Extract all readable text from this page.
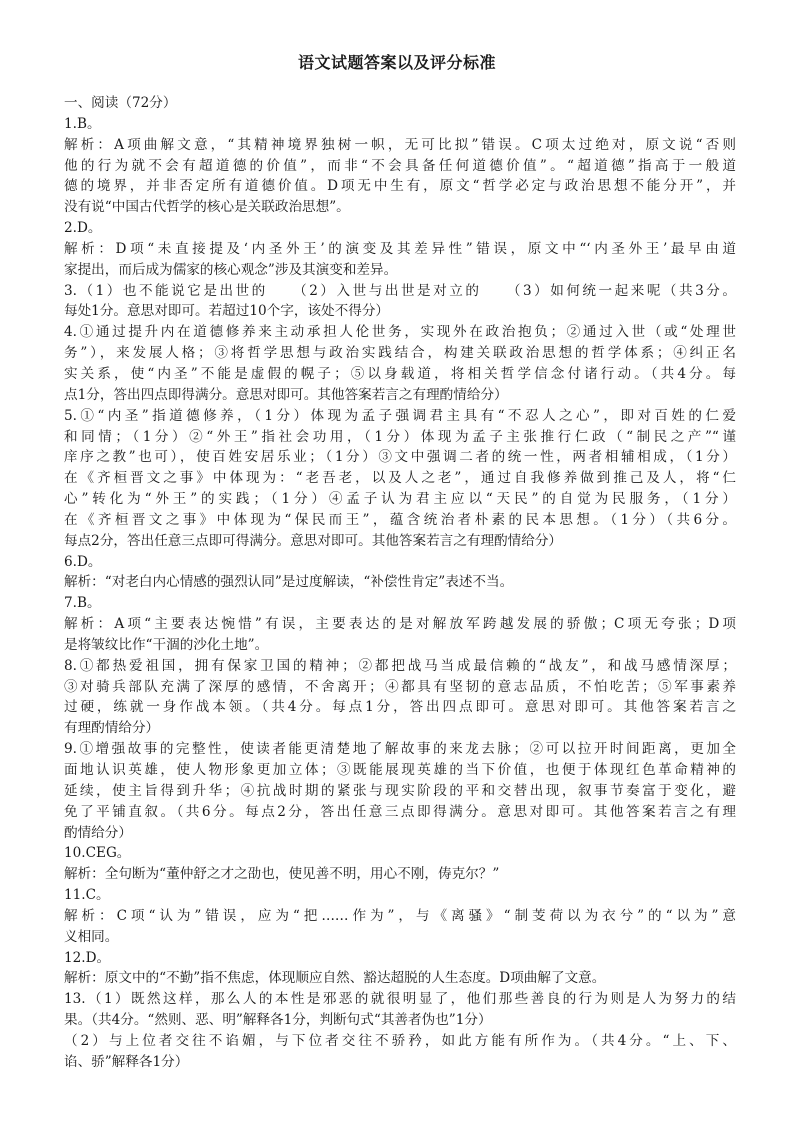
语文试题答案以及评分标准
一、阅读（72分）
1.B。
解析：A项曲解文意，“其精神境界独树一帜，无可比拟”错误。C项太过绝对，原文说“否则
他的行为就不会有超道德的价值”，而非“不会具备任何道德价值”。“超道德”指高于一般道
德的境界，并非否定所有道德价值。D项无中生有，原文“哲学必定与政治思想不能分开”，并
没有说“中国古代哲学的核心是关联政治思想”。
2.D。
解析：D项“未直接提及‘内圣外王’的演变及其差异性”错误，原文中“‘内圣外王’最早由道
家提出，而后成为儒家的核心观念”涉及其演变和差异。
3.（1）也不能说它是出世的　　（2）入世与出世是对立的　　（3）如何统一起来呢（共3分。
每处1分。意思对即可。若超过10个字，该处不得分）
4.①通过提升内在道德修养来主动承担人伦世务，实现外在政治抱负；②通过入世（或“处理世
务”），来发展人格；③将哲学思想与政治实践结合，构建关联政治思想的哲学体系；④纠正名
实关系，使“内圣”不能是虚假的幌子；⑤以身载道，将相关哲学信念付诸行动。（共4分。每
点1分，答出四点即得满分。意思对即可。其他答案若言之有理酌情给分）
5.①“内圣”指道德修养，（1分）体现为孟子强调君主具有“不忍人之心”，即对百姓的仁爱
和同情；（1分）②“外王”指社会功用，（1分）体现为孟子主张推行仁政（“制民之产”“谨
庠序之教”也可），使百姓安居乐业；（1分）③文中强调二者的统一性，两者相辅相成，（1分）
在《齐桓晋文之事》中体现为：“老吾老，以及人之老”，通过自我修养做到推己及人，将“仁
心”转化为“外王”的实践；（1分）④孟子认为君主应以“天民”的自觉为民服务，（1分）
在《齐桓晋文之事》中体现为“保民而王”，蕴含统治者朴素的民本思想。（1分）（共6分。
每点2分，答出任意三点即可得满分。意思对即可。其他答案若言之有理酌情给分）
6.D。
解析：“对老白内心情感的强烈认同”是过度解读，“补偿性肯定”表述不当。
7.B。
解析：A项“主要表达惋惜”有误，主要表达的是对解放军跨越发展的骄傲；C项无夸张；D项
是将皱纹比作“干涸的沙化土地”。
8.①都热爱祖国，拥有保家卫国的精神；②都把战马当成最信赖的“战友”，和战马感情深厚；
③对骑兵部队充满了深厚的感情，不舍离开；④都具有坚韧的意志品质，不怕吃苦；⑤军事素养
过硬，练就一身作战本领。（共4分。每点1分，答出四点即可。意思对即可。其他答案若言之
有理酌情给分）
9.①增强故事的完整性，使读者能更清楚地了解故事的来龙去脉；②可以拉开时间距离，更加全
面地认识英雄，使人物形象更加立体；③既能展现英雄的当下价值，也便于体现红色革命精神的
延续，使主旨得到升华；④抗战时期的紧张与现实阶段的平和交替出现，叙事节奏富于变化，避
免了平铺直叙。（共6分。每点2分，答出任意三点即得满分。意思对即可。其他答案若言之有理
酌情给分）
10.CEG。
解析：全句断为“董仲舒之才之劭也，使见善不明，用心不刚，俦克尔？”
11.C。
解析：C项“认为”错误，应为“把……作为”，与《离骚》“制芰荷以为衣兮”的“以为”意
义相同。
12.D。
解析：原文中的“不勤”指不焦虑，体现顺应自然、豁达超脱的人生态度。D项曲解了文意。
13.（1）既然这样，那么人的本性是邪恶的就很明显了，他们那些善良的行为则是人为努力的结
果。（共4分。“然则、恶、明”解释各1分，判断句式“其善者伪也”1分）
（2）与上位者交往不谄媚，与下位者交往不骄矜，如此方能有所作为。（共4分。“上、下、
谄、骄”解释各1分）
